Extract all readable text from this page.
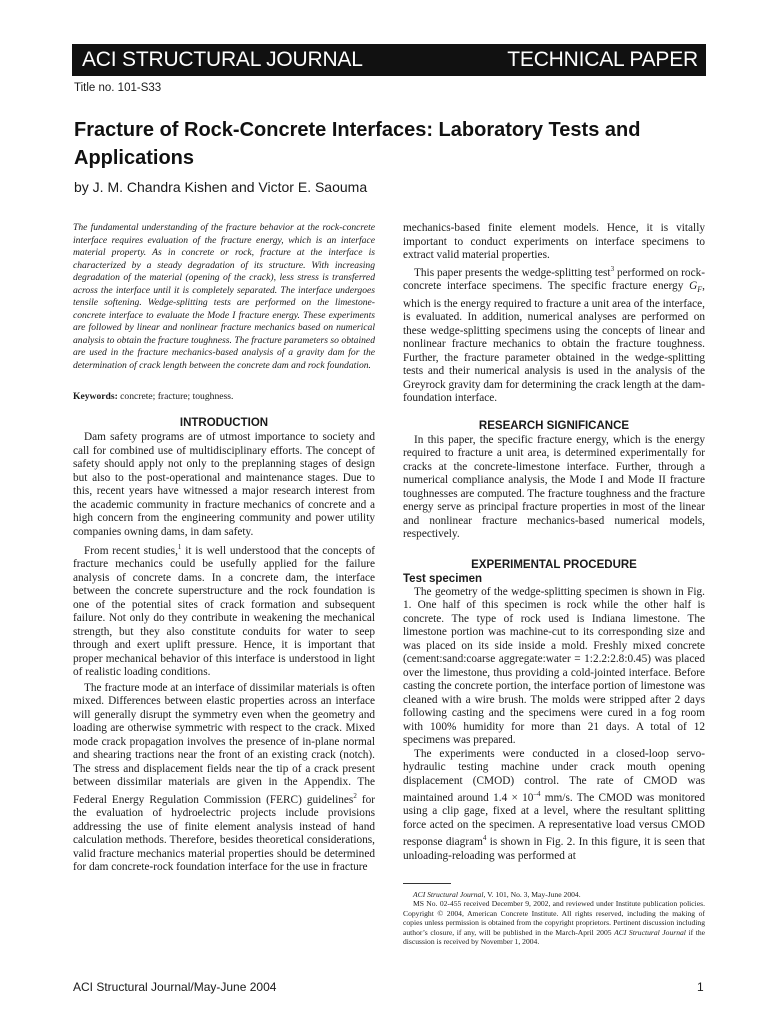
ACI STRUCTURAL JOURNAL	TECHNICAL PAPER
Title no. 101-S33
Fracture of Rock-Concrete Interfaces: Laboratory Tests and Applications
by J. M. Chandra Kishen and Victor E. Saouma

The fundamental understanding of the fracture behavior at the rock-concrete interface requires evaluation of the fracture energy, which is an interface material property. As in concrete or rock, fracture at the interface is characterized by a steady degradation of its structure. With increasing degradation of the material (opening of the crack), less stress is transferred across the interface until it is completely separated. The interface undergoes tensile softening. Wedge-splitting tests are performed on the limestone-concrete interface to evaluate the Mode I fracture energy. These experiments are followed by linear and nonlinear fracture mechanics based on numerical analysis to obtain the fracture toughness. The fracture parameters so obtained are used in the fracture mechanics-based analysis of a gravity dam for the determination of crack length between the concrete dam and rock foundation.

Keywords: concrete; fracture; toughness.

INTRODUCTION

Dam safety programs are of utmost importance to society and call for combined use of multidisciplinary efforts. The concept of safety should apply not only to the preplanning stages of design but also to the post-operational and maintenance stages. Due to this, recent years have witnessed a major research interest from the academic community in fracture mechanics of concrete and a high concern from the engineering community and power utility companies owning dams, in dam safety.

From recent studies,$^1$ it is well understood that the concepts of fracture mechanics could be usefully applied for the failure analysis of concrete dams. In a concrete dam, the interface between the concrete superstructure and the rock foundation is one of the potential sites of crack formation and subsequent failure. Not only do they contribute in weakening the mechanical strength, but they also constitute conduits for water to seep through and exert uplift pressure. Hence, it is important that proper mechanical behavior of this interface is understood in light of realistic loading conditions.

The fracture mode at an interface of dissimilar materials is often mixed. Differences between elastic properties across an interface will generally disrupt the symmetry even when the geometry and loading are otherwise symmetric with respect to the crack. Mixed mode crack propagation involves the presence of in-plane normal and shearing tractions near the front of an existing crack (notch). The stress and displacement fields near the tip of a crack present between dissimilar materials are given in the Appendix. The Federal Energy Regulation Commission (FERC) guidelines$^2$ for the evaluation of hydroelectric projects include provisions addressing the use of finite element analysis instead of hand calculation methods. Therefore, besides theoretical considerations, valid fracture mechanics material properties should be determined for dam concrete-rock foundation interface for the use in fracture

mechanics-based finite element models. Hence, it is vitally important to conduct experiments on interface specimens to extract valid material properties.

This paper presents the wedge-splitting test$^3$ performed on rock-concrete interface specimens. The specific fracture energy $G_F$, which is the energy required to fracture a unit area of the interface, is evaluated. In addition, numerical analyses are performed on these wedge-splitting specimens using the concepts of linear and nonlinear fracture mechanics to obtain the fracture toughness. Further, the fracture parameter obtained in the wedge-splitting tests and their numerical analysis is used in the analysis of the Greyrock gravity dam for determining the crack length at the dam-foundation interface.

RESEARCH SIGNIFICANCE

In this paper, the specific fracture energy, which is the energy required to fracture a unit area, is determined experimentally for cracks at the concrete-limestone interface. Further, through a numerical compliance analysis, the Mode I and Mode II fracture toughnesses are computed. The fracture toughness and the fracture energy serve as principal fracture properties in most of the linear and nonlinear fracture mechanics-based numerical models, respectively.

EXPERIMENTAL PROCEDURE
Test specimen

The geometry of the wedge-splitting specimen is shown in Fig. 1. One half of this specimen is rock while the other half is concrete. The type of rock used is Indiana limestone. The limestone portion was machine-cut to its corresponding size and was placed on its side inside a mold. Freshly mixed concrete (cement:sand:coarse aggregate:water = 1:2.2:2.8:0.45) was placed over the limestone, thus providing a cold-jointed interface. Before casting the concrete portion, the interface portion of limestone was cleaned with a wire brush. The molds were stripped after 2 days following casting and the specimens were cured in a fog room with 100% humidity for more than 21 days. A total of 12 specimens was prepared.

The experiments were conducted in a closed-loop servo-hydraulic testing machine under crack mouth opening displacement (CMOD) control. The rate of CMOD was maintained around $1.4 \times 10^{-4}$ mm/s. The CMOD was monitored using a clip gage, fixed at a level, where the resultant splitting force acted on the specimen. A representative load versus CMOD response diagram$^4$ is shown in Fig. 2. In this figure, it is seen that unloading-reloading was performed at

ACI Structural Journal, V. 101, No. 3, May-June 2004.

MS No. 02-455 received December 9, 2002, and reviewed under Institute publication policies. Copyright © 2004, American Concrete Institute. All rights reserved, including the making of copies unless permission is obtained from the copyright proprietors. Pertinent discussion including author’s closure, if any, will be published in the March-April 2005 ACI Structural Journal if the discussion is received by November 1, 2004.

ACI Structural Journal/May-June 2004	1
